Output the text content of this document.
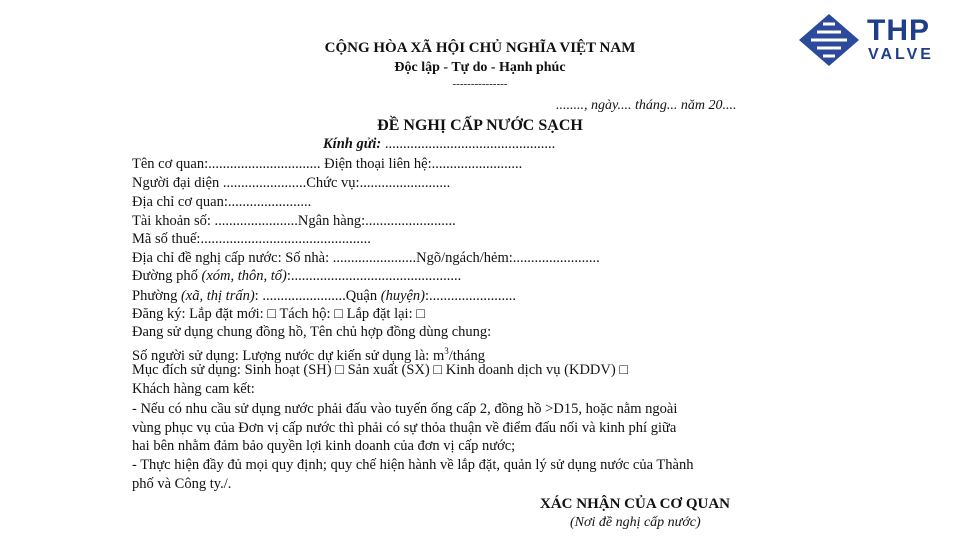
THP
VALVE
CỘNG HÒA XÃ HỘI CHỦ NGHĨA VIỆT NAM
Độc lập - Tự do - Hạnh phúc
---------------
........, ngày.... tháng... năm 20....
ĐỀ NGHỊ CẤP NƯỚC SẠCH
Kính gửi: ...............................................
Tên cơ quan:............................... Điện thoại liên hệ:.........................
Người đại diện .......................Chức vụ:.........................
Địa chỉ cơ quan:.......................
Tài khoản số: .......................Ngân hàng:.........................
Mã số thuế:...............................................
Địa chỉ đề nghị cấp nước: Số nhà: .......................Ngõ/ngách/hẻm:........................
Đường phố (xóm, thôn, tổ):...............................................
Phường (xã, thị trấn): .......................Quận (huyện):........................
Đăng ký: Lắp đặt mới: □ Tách hộ: □ Lắp đặt lại: □
Đang sử dụng chung đồng hồ, Tên chủ hợp đồng dùng chung:
Số người sử dụng: Lượng nước dự kiến sử dụng là: $m^3$/tháng
Mục đích sử dụng: Sinh hoạt (SH) □ Sản xuất (SX) □ Kinh doanh dịch vụ (KDDV) □
Khách hàng cam kết:
- Nếu có nhu cầu sử dụng nước phải đấu vào tuyến ống cấp 2, đồng hồ >D15, hoặc nằm ngoài
vùng phục vụ của Đơn vị cấp nước thì phải có sự thỏa thuận về điểm đấu nối và kinh phí giữa
hai bên nhằm đảm bảo quyền lợi kinh doanh của đơn vị cấp nước;
- Thực hiện đầy đủ mọi quy định; quy chế hiện hành về lắp đặt, quản lý sử dụng nước của Thành
phố và Công ty./.
XÁC NHẬN CỦA CƠ QUAN
(Nơi đề nghị cấp nước)
